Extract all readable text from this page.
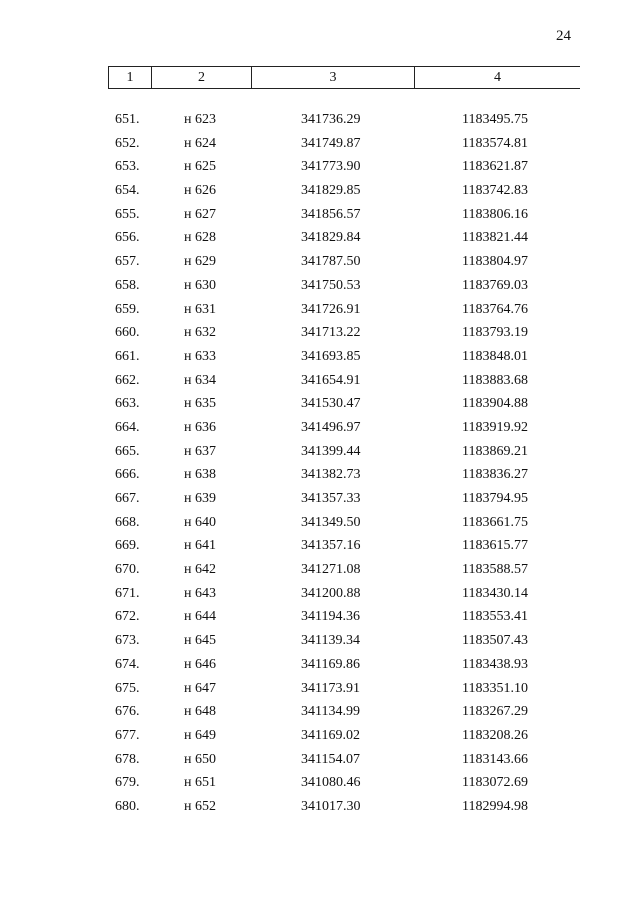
24
1	2	3	4
651.	н 623	341736.29	1183495.75
652.	н 624	341749.87	1183574.81
653.	н 625	341773.90	1183621.87
654.	н 626	341829.85	1183742.83
655.	н 627	341856.57	1183806.16
656.	н 628	341829.84	1183821.44
657.	н 629	341787.50	1183804.97
658.	н 630	341750.53	1183769.03
659.	н 631	341726.91	1183764.76
660.	н 632	341713.22	1183793.19
661.	н 633	341693.85	1183848.01
662.	н 634	341654.91	1183883.68
663.	н 635	341530.47	1183904.88
664.	н 636	341496.97	1183919.92
665.	н 637	341399.44	1183869.21
666.	н 638	341382.73	1183836.27
667.	н 639	341357.33	1183794.95
668.	н 640	341349.50	1183661.75
669.	н 641	341357.16	1183615.77
670.	н 642	341271.08	1183588.57
671.	н 643	341200.88	1183430.14
672.	н 644	341194.36	1183553.41
673.	н 645	341139.34	1183507.43
674.	н 646	341169.86	1183438.93
675.	н 647	341173.91	1183351.10
676.	н 648	341134.99	1183267.29
677.	н 649	341169.02	1183208.26
678.	н 650	341154.07	1183143.66
679.	н 651	341080.46	1183072.69
680.	н 652	341017.30	1182994.98
